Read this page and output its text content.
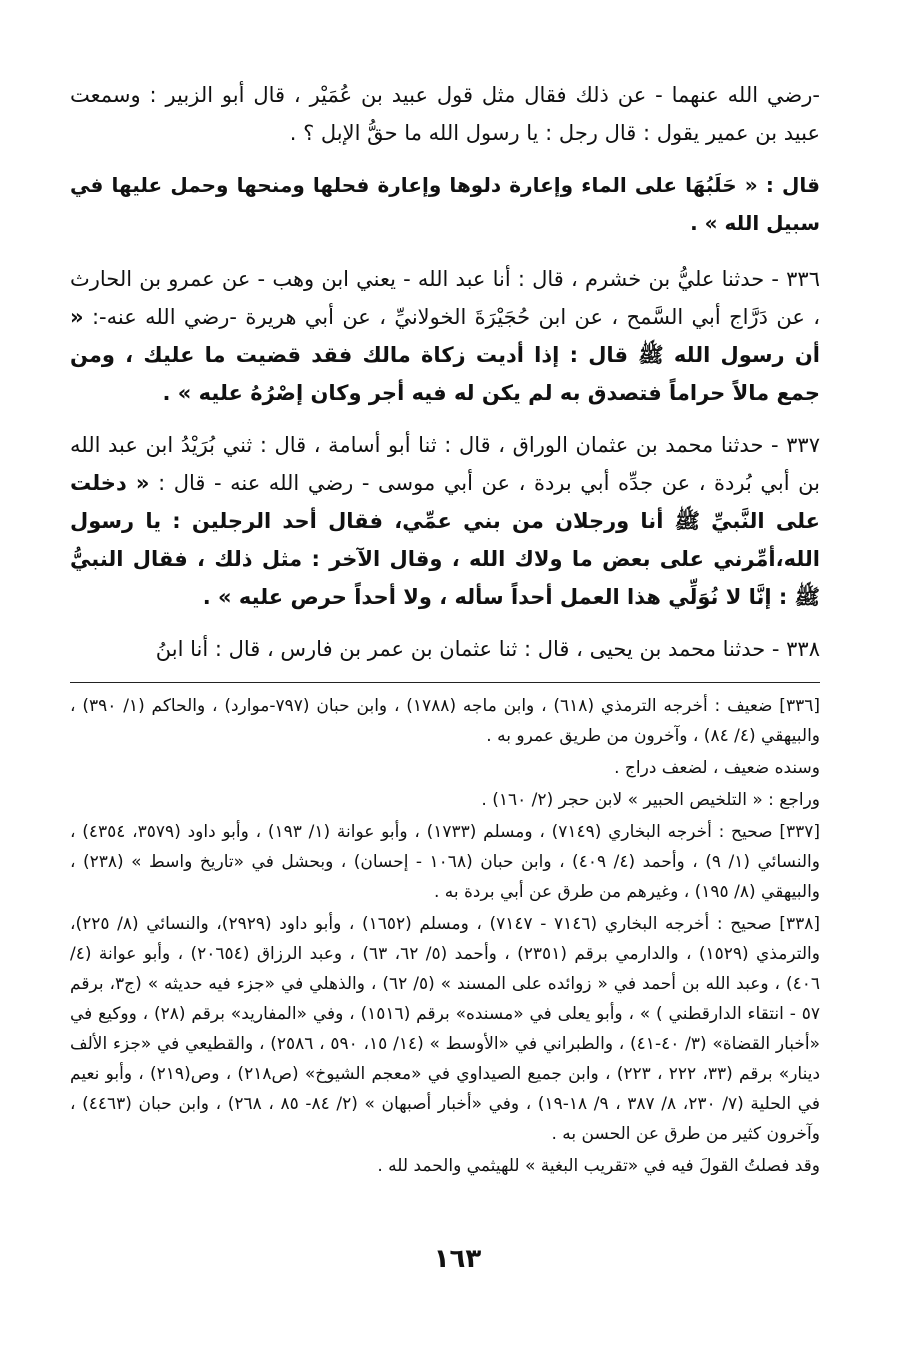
-رضي الله عنهما - عن ذلك فقال مثل قول عبيد بن عُمَيْر ، قال أبو الزبير : وسمعت عبيد بن عمير يقول : قال رجل : يا رسول الله ما حقُّ الإبل ؟ .

قال : « حَلَبُهَا على الماء وإعارة دلوها وإعارة فحلها ومنحها وحمل عليها في سبيل الله » .

٣٣٦ - حدثنا عليُّ بن خشرم ، قال : أنا عبد الله - يعني ابن وهب - عن عمرو بن الحارث ، عن دَرَّاج أبي السَّمح ، عن ابن حُجَيْرَةَ الخولانيِّ ، عن أبي هريرة -رضي الله عنه-: « أن رسول الله ﷺ قال : إذا أديت زكاة مالك فقد قضيت ما عليك ، ومن جمع مالاً حراماً فتصدق به لم يكن له فيه أجر وكان إصْرُهُ عليه » .

٣٣٧ - حدثنا محمد بن عثمان الوراق ، قال : ثنا أبو أسامة ، قال : ثني بُرَيْدُ ابن عبد الله بن أبي بُردة ، عن جدِّه أبي بردة ، عن أبي موسى - رضي الله عنه - قال : « دخلت على النَّبيِّ ﷺ أنا ورجلان من بني عمِّي، فقال أحد الرجلين : يا رسول الله،أمِّرني على بعض ما ولاك الله ، وقال الآخر : مثل ذلك ، فقال النبيُّ ﷺ : إنَّا لا نُوَلِّي هذا العمل أحداً سأله ، ولا أحداً حرص عليه » .

٣٣٨ - حدثنا محمد بن يحيى ، قال : ثنا عثمان بن عمر بن فارس ، قال : أنا ابنُ

[٣٣٦] ضعيف : أخرجه الترمذي (٦١٨) ، وابن ماجه (١٧٨٨) ، وابن حبان (٧٩٧-موارد) ، والحاكم (١/ ٣٩٠) ، والبيهقي (٤/ ٨٤) ، وآخرون من طريق عمرو به .

وسنده ضعيف ، لضعف دراج .

وراجع : « التلخيص الحبير » لابن حجر (٢/ ١٦٠) .

[٣٣٧] صحيح : أخرجه البخاري (٧١٤٩) ، ومسلم (١٧٣٣) ، وأبو عوانة (١/ ١٩٣) ، وأبو داود (٣٥٧٩، ٤٣٥٤) ، والنسائي (١/ ٩) ، وأحمد (٤/ ٤٠٩) ، وابن حبان (١٠٦٨ - إحسان) ، وبحشل في «تاريخ واسط » (٢٣٨) ، والبيهقي (٨/ ١٩٥) ، وغيرهم من طرق عن أبي بردة به .

[٣٣٨] صحيح : أخرجه البخاري (٧١٤٦ - ٧١٤٧) ، ومسلم (١٦٥٢) ، وأبو داود (٢٩٢٩)، والنسائي (٨/ ٢٢٥)، والترمذي (١٥٢٩) ، والدارمي برقم (٢٣٥١) ، وأحمد (٥/ ٦٢، ٦٣) ، وعبد الرزاق (٢٠٦٥٤) ، وأبو عوانة (٤/ ٤٠٦) ، وعبد الله بن أحمد في « زوائده على المسند » (٥/ ٦٢) ، والذهلي في «جزء فيه حديثه » (ج٣، برقم ٥٧ - انتقاء الدارقطني ) » ، وأبو يعلى في «مسنده» برقم (١٥١٦) ، وفي «المفاريد» برقم (٢٨) ، ووكيع في «أخبار القضاة» (٣/ ٤٠-٤١) ، والطبراني في «الأوسط » (١٤/ ١٥، ٥٩٠ ، ٢٥٨٦) ، والقطيعي في «جزء الألف دينار» برقم (٣٣، ٢٢٢ ، ٢٢٣) ، وابن جميع الصيداوي في «معجم الشيوخ» (ص٢١٨) ، وص(٢١٩) ، وأبو نعيم في الحلية (٧/ ٢٣٠، ٨/ ٣٨٧ ، ٩/ ١٨-١٩) ، وفي «أخبار أصبهان » (٢/ ٨٤- ٨٥ ، ٢٦٨) ، وابن حبان (٤٤٦٣) ، وآخرون كثير من طرق عن الحسن به .

وقد فصلتُ القولَ فيه في «تقريب البغية » للهيثمي والحمد لله .

١٦٣
